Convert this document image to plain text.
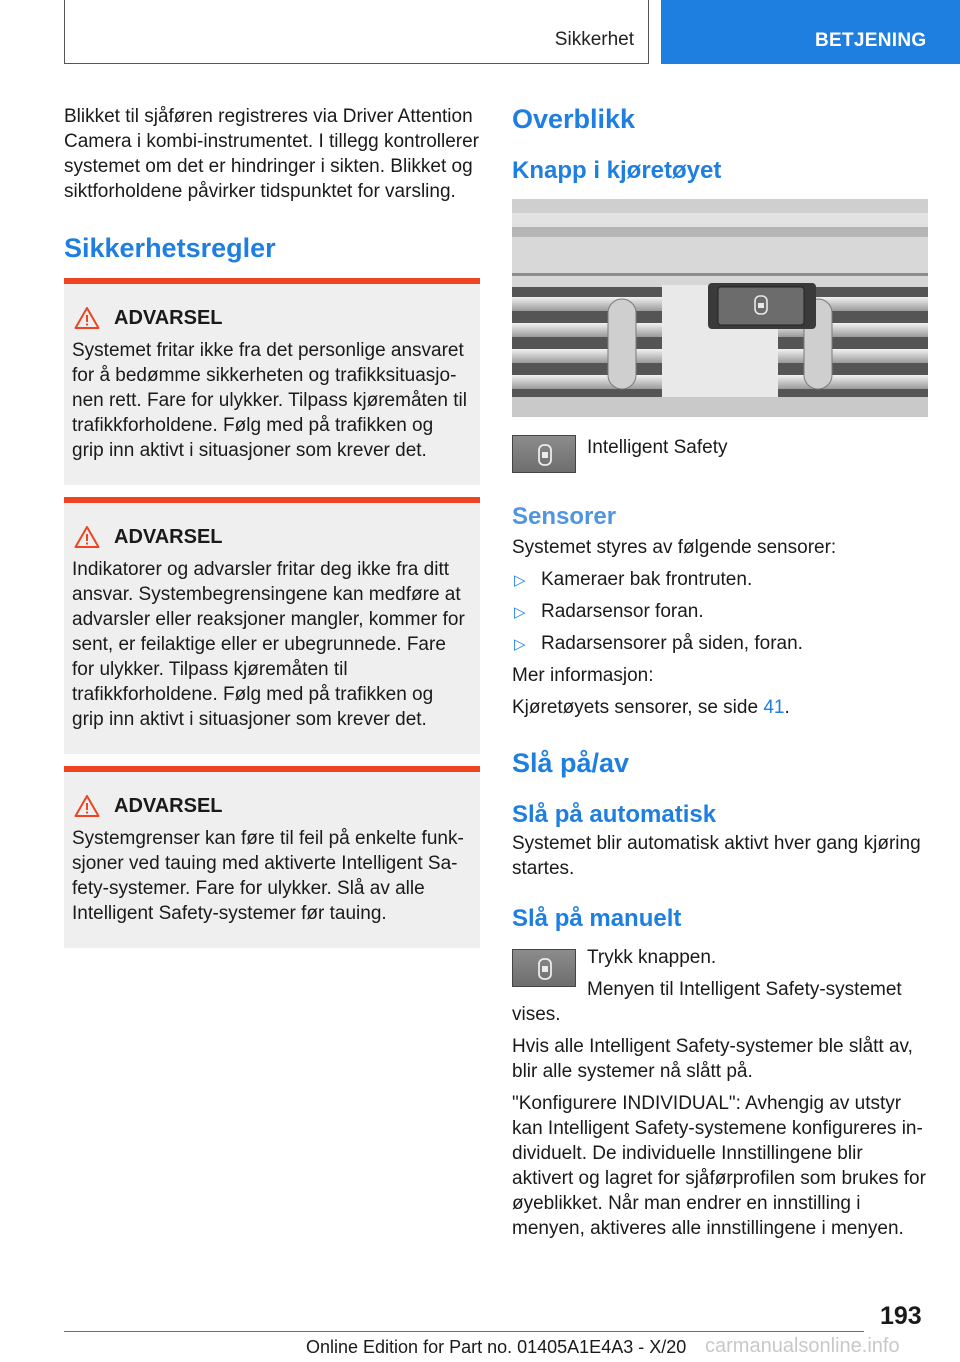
Sikkerhet	BETJENING

Blikket til sjåføren registreres via Driver Attention Camera i kombi-instrumentet. I tillegg kontrollerer systemet om det er hindringer i sikten. Blikket og siktforholdene påvirker tidspunktet for varsling.

Sikkerhetsregler
ADVARSEL

Systemet fritar ikke fra det personlige ansvaret for å bedømme sikkerheten og trafikksituasjonen rett. Fare for ulykker. Tilpass kjøremåten til trafikkforholdene. Følg med på trafikken og grip inn aktivt i situasjoner som krever det.

ADVARSEL

Indikatorer og advarsler fritar deg ikke fra ditt ansvar. Systembegrensingene kan medføre at advarsler eller reaksjoner mangler, kommer for sent, er feilaktige eller er ubegrunnede. Fare for ulykker. Tilpass kjøremåten til trafikkforholdene. Følg med på trafikken og grip inn aktivt i situasjoner som krever det.

ADVARSEL

Systemgrenser kan føre til feil på enkelte funksjoner ved tauing med aktiverte Intelligent Safety-systemer. Fare for ulykker. Slå av alle Intelligent Safety-systemer før tauing.

Overblikk
Knapp i kjøretøyet
Intelligent Safety
Sensorer

Systemet styres av følgende sensorer:

▷ Kameraer bak frontruten.
▷ Radarsensor foran.
▷ Radarsensorer på siden, foran.

Mer informasjon:

Kjøretøyets sensorer, se side 41.

Slå på/av
Slå på automatisk

Systemet blir automatisk aktivt hver gang kjøring startes.

Slå på manuelt

Trykk knappen.

Menyen til Intelligent Safety-systemet vises.

Hvis alle Intelligent Safety-systemer ble slått av, blir alle systemer nå slått på.

"Konfigurere INDIVIDUAL": Avhengig av utstyr kan Intelligent Safety-systemene konfigureres individuelt. De individuelle Innstillingene blir aktivert og lagret for sjåførprofilen som brukes for øyeblikket. Når man endrer en innstilling i menyen, aktiveres alle innstillingene i menyen.

193
Online Edition for Part no. 01405A1E4A3 - X/20 carmanualsonline.info
